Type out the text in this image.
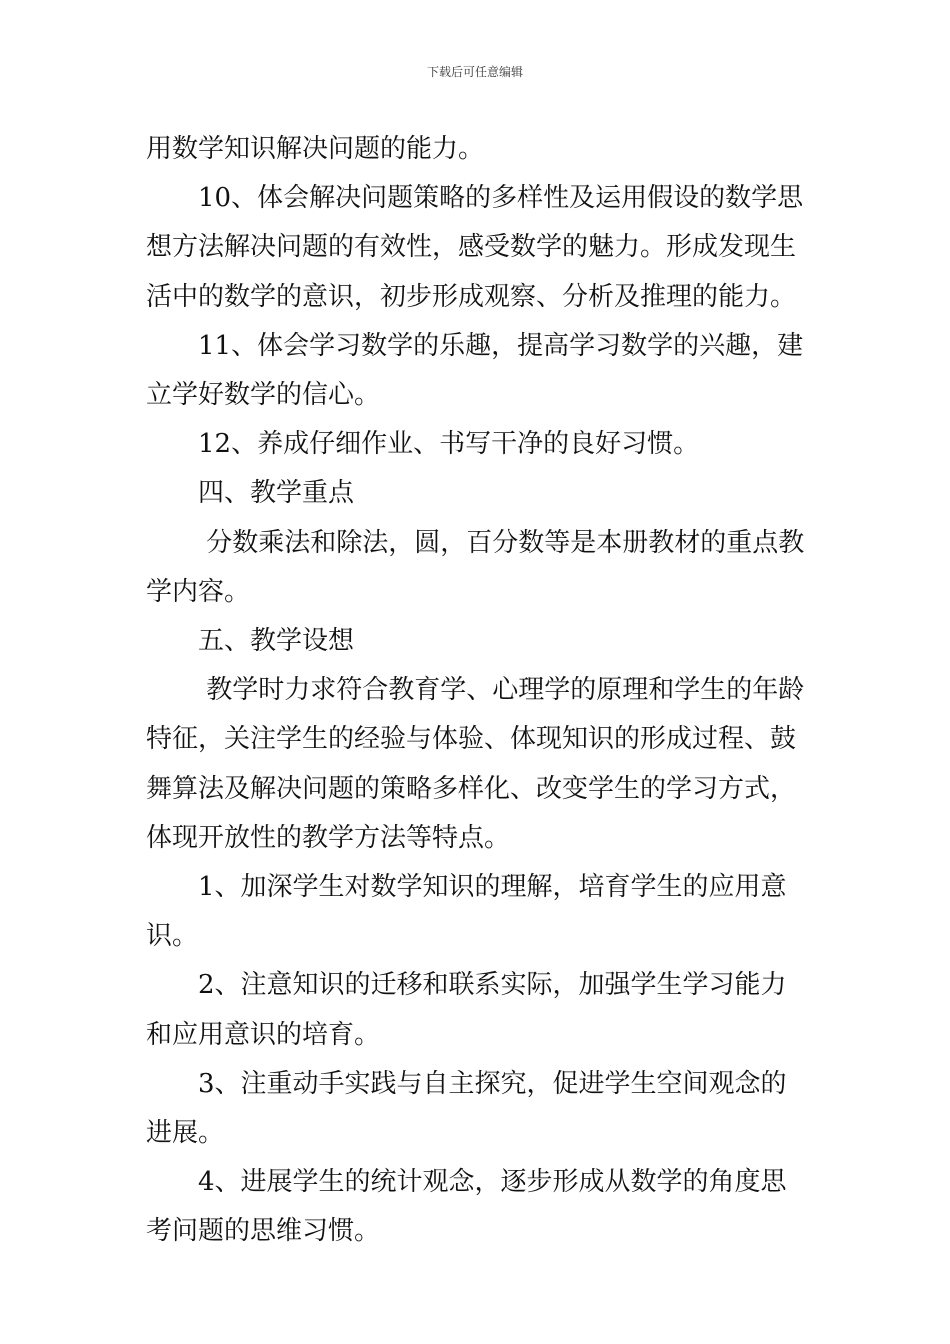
下载后可任意编辑

用数学知识解决问题的能力。

10、体会解决问题策略的多样性及运用假设的数学思想方法解决问题的有效性，感受数学的魅力。形成发现生活中的数学的意识，初步形成观察、分析及推理的能力。

11、体会学习数学的乐趣，提高学习数学的兴趣，建立学好数学的信心。

12、养成仔细作业、书写干净的良好习惯。

四、教学重点

分数乘法和除法，圆，百分数等是本册教材的重点教学内容。

五、教学设想

教学时力求符合教育学、心理学的原理和学生的年龄特征，关注学生的经验与体验、体现知识的形成过程、鼓舞算法及解决问题的策略多样化、改变学生的学习方式，体现开放性的教学方法等特点。

1、加深学生对数学知识的理解，培育学生的应用意识。

2、注意知识的迁移和联系实际，加强学生学习能力和应用意识的培育。

3、注重动手实践与自主探究，促进学生空间观念的进展。

4、进展学生的统计观念，逐步形成从数学的角度思考问题的思维习惯。
